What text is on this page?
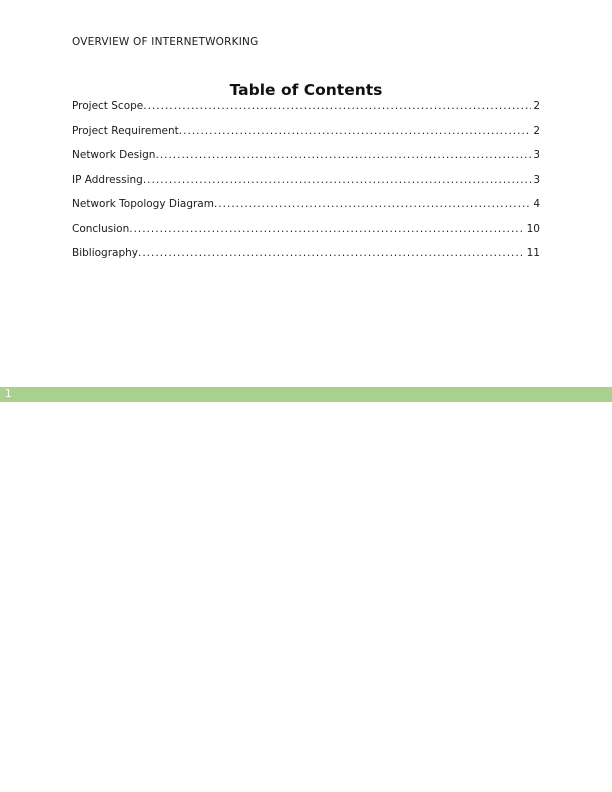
OVERVIEW OF INTERNETWORKING
Table of Contents
Project Scope .....	2
Project Requirement .....	2
Network Design .....	3
IP Addressing .....	3
Network Topology Diagram .....	4
Conclusion .....	10
Bibliography .....	11
1
